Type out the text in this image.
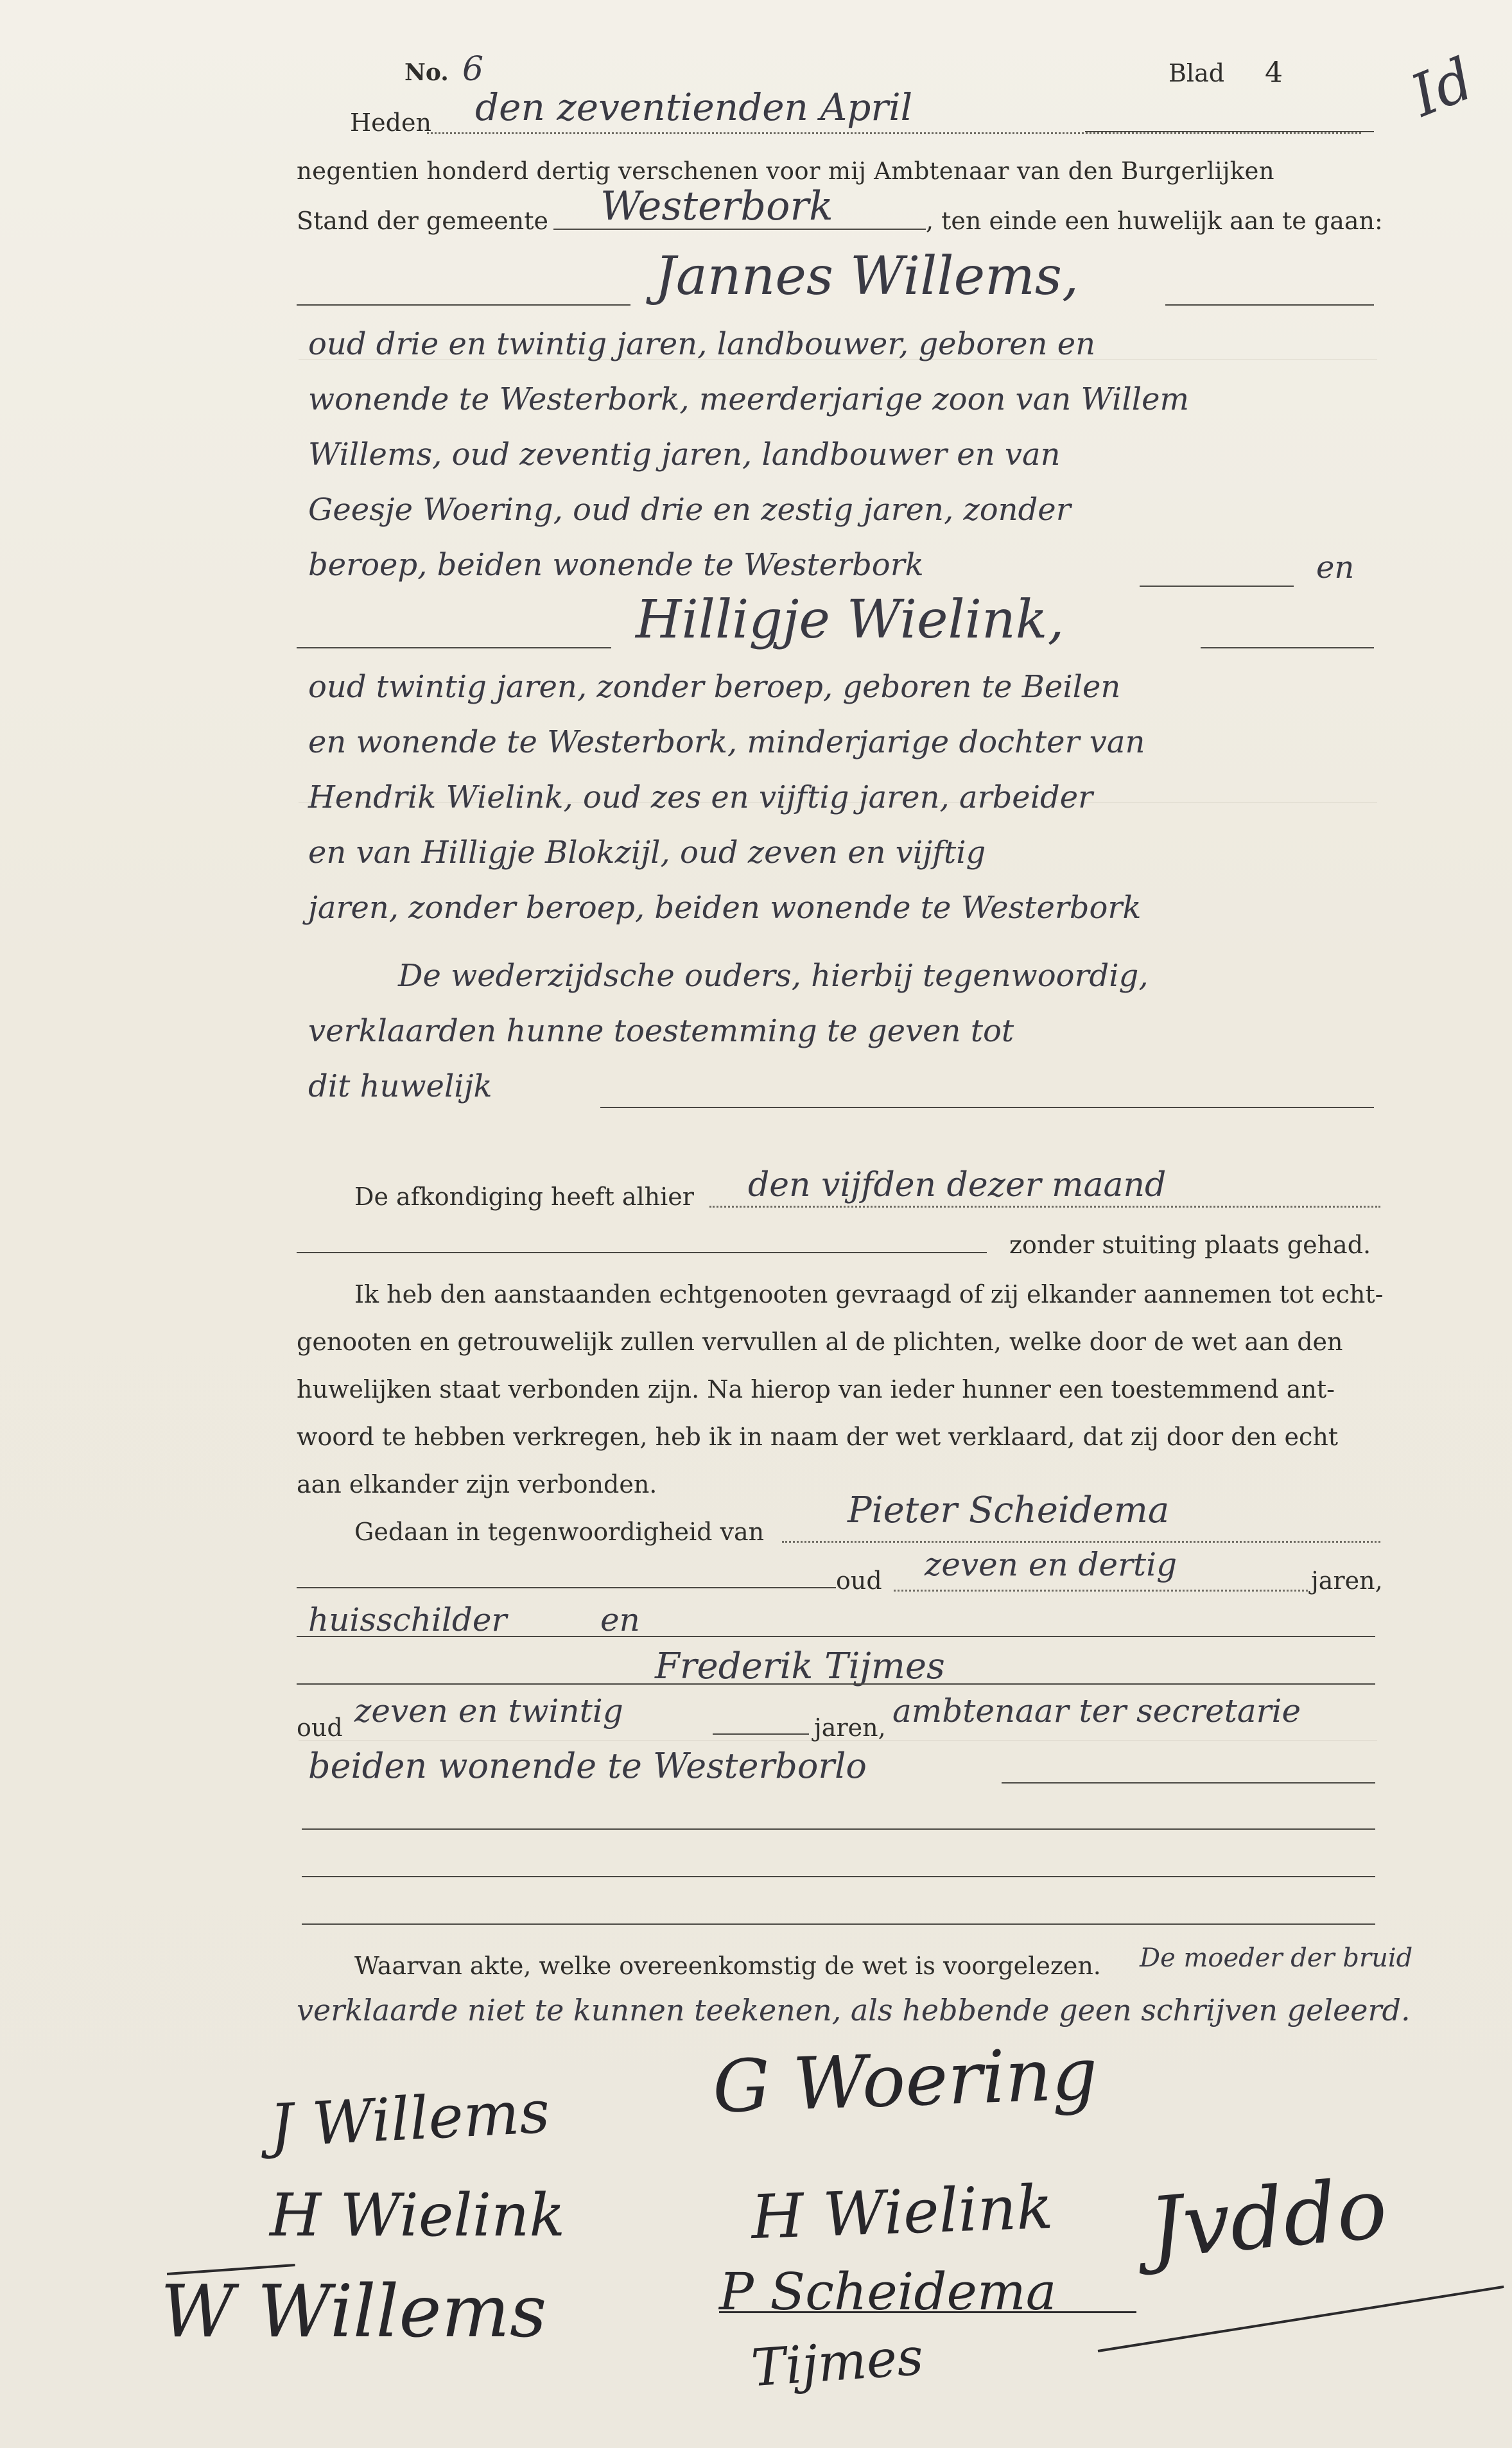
No. 6	Blad 4 Id
Heden den zeventienden April
negentien honderd dertig verschenen voor mij Ambtenaar van den Burgerlijken
Stand der gemeente Westerbork	, ten einde een huwelijk aan te gaan:
Jannes Willems,
oud drie en twintig jaren, landbouwer, geboren en
wonende te Westerbork, meerderjarige zoon van Willem
Willems, oud zeventig jaren, landbouwer en van
Geesje Woering, oud drie en zestig jaren, zonder
beroep, beiden wonende te Westerbork	en
Hilligje Wielink,
oud twintig jaren, zonder beroep, geboren te Beilen
en wonende te Westerbork, minderjarige dochter van
Hendrik Wielink, oud zes en vijftig jaren, arbeider
en van Hilligje Blokzijl, oud zeven en vijftig
jaren, zonder beroep, beiden wonende te Westerbork
De wederzijdsche ouders, hierbij tegenwoordig,
verklaarden hunne toestemming te geven tot
dit huwelijk
De afkondiging heeft alhier den vijfden dezer maand
zonder stuiting plaats gehad.
Ik heb den aanstaanden echtgenooten gevraagd of zij elkander aannemen tot echt-
genooten en getrouwelijk zullen vervullen al de plichten, welke door de wet aan den
huwelijken staat verbonden zijn. Na hierop van ieder hunner een toestemmend ant-
woord te hebben verkregen, heb ik in naam der wet verklaard, dat zij door den echt
aan elkander zijn verbonden.
Gedaan in tegenwoordigheid van
Pieter Scheidema
oud zeven en dertig	jaren,
huisschilder	en
Frederik Tijmes
oud zeven en twintig	jaren, ambtenaar ter secretarie
beiden wonende te Westerborlo
Waarvan akte, welke overeenkomstig de wet is voorgelezen. De moeder der bruid
verklaarde niet te kunnen teekenen, als hebbende geen schrijven geleerd.
J Willems G Woering
H Wielink	H Wielink
W Willems	P Scheidema
Tijmes
Jvddo
